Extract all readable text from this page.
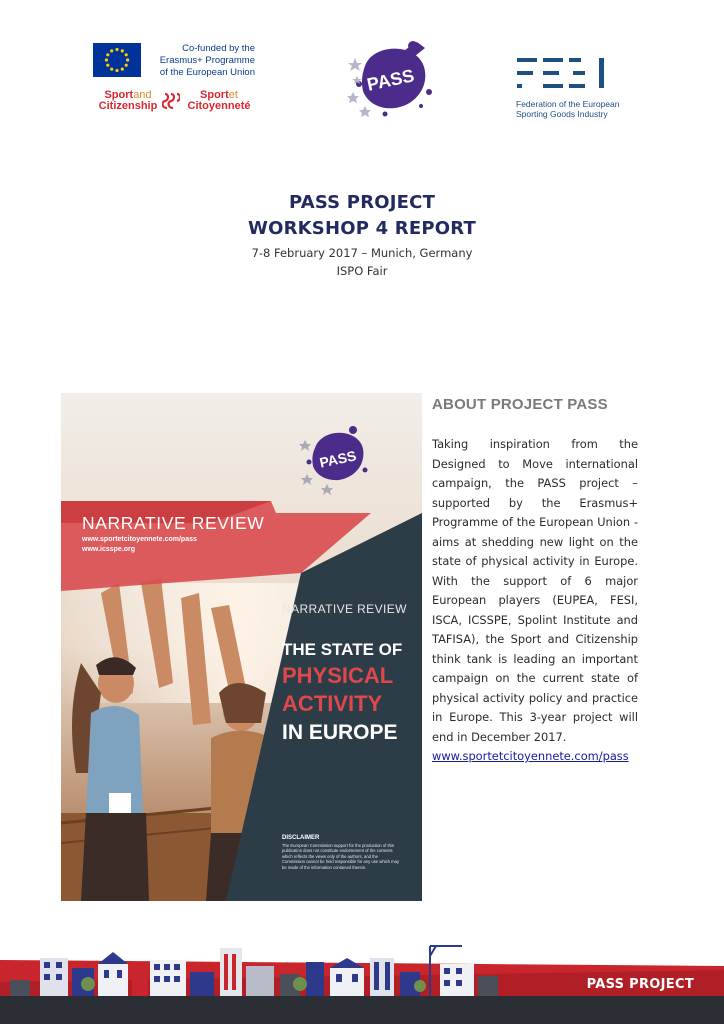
Co-funded by the
Erasmus+ Programme
of the European Union
Sportand
Citizenship
Sportet
Citoyenneté
PASS
Federation of the European
Sporting Goods Industry
PASS PROJECT
WORKSHOP 4 REPORT
7-8 February 2017 – Munich, Germany
ISPO Fair
PASS
NARRATIVE REVIEW
www.sportetcitoyennete.com/pass
www.icsspe.org
NARRATIVE REVIEW
THE STATE OF
PHYSICAL
ACTIVITY
IN EUROPE
DISCLAIMER
The European Commission support for the production of this publication does not constitute endorsement of the contents which reflects the views only of the authors, and the Commission cannot be held responsible for any use which may be made of the information contained therein.
ABOUT PROJECT PASS

Taking inspiration from the Designed to Move international campaign, the PASS project – supported by the Erasmus+ Programme of the European Union - aims at shedding new light on the state of physical activity in Europe. With the support of 6 major European players (EUPEA, FESI, ISCA, ICSSPE, Spolint Institute and TAFISA), the Sport and Citizenship think tank is leading an important campaign on the current state of physical activity policy and practice in Europe. This 3-year project will end in December 2017.

www.sportetcitoyennete.com/pass
PASS PROJECT
